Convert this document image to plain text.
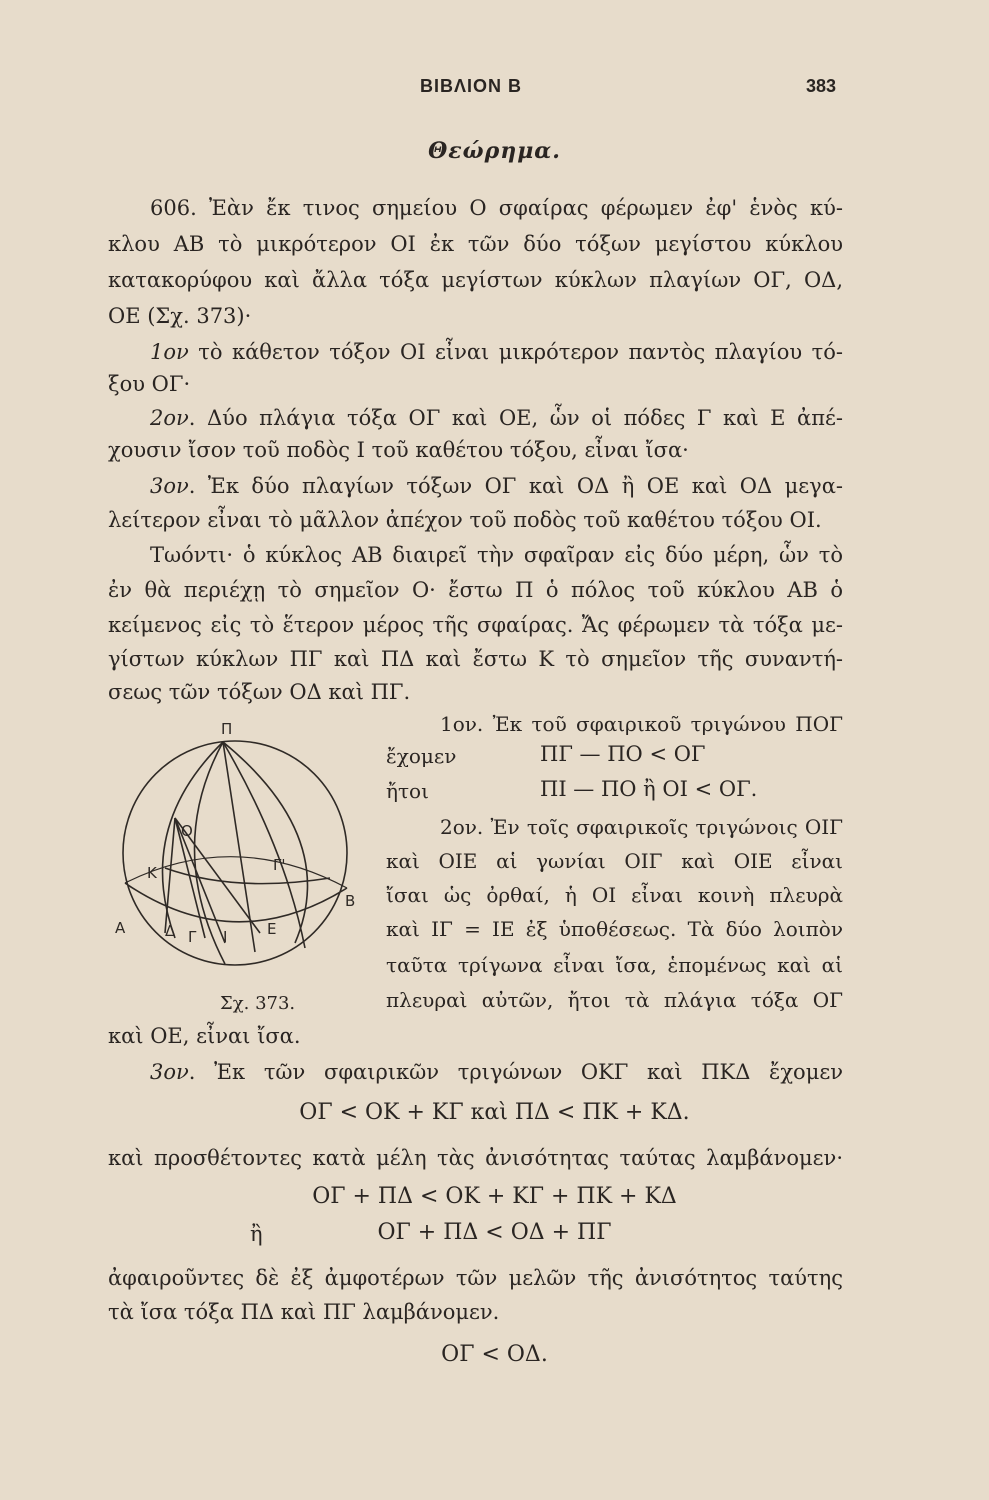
ΒΙΒΛΙΟΝ Β	383
Θεώρημα.
606. Ἐὰν ἔκ τινος σημείου Ο σφαίρας φέρωμεν ἐφ' ἑνὸς κύ-
κλου ΑΒ τὸ μικρότερον ΟΙ ἐκ τῶν δύο τόξων μεγίστου κύκλου
κατακορύφου καὶ ἄλλα τόξα μεγίστων κύκλων πλαγίων ΟΓ, ΟΔ,
ΟΕ (Σχ. 373)·
1ον τὸ κάθετον τόξον ΟΙ εἶναι μικρότερον παντὸς πλαγίου τό-
ξου ΟΓ·
2ον. Δύο πλάγια τόξα ΟΓ καὶ ΟΕ, ὧν οἱ πόδες Γ καὶ Ε ἀπέ-
χουσιν ἴσον τοῦ ποδὸς Ι τοῦ καθέτου τόξου, εἶναι ἴσα·
3ον. Ἐκ δύο πλαγίων τόξων ΟΓ καὶ ΟΔ ἢ ΟΕ καὶ ΟΔ μεγα-
λείτερον εἶναι τὸ μᾶλλον ἀπέχον τοῦ ποδὸς τοῦ καθέτου τόξου ΟΙ.
Τωόντι· ὁ κύκλος ΑΒ διαιρεῖ τὴν σφαῖραν εἰς δύο μέρη, ὧν τὸ
ἐν θὰ περιέχῃ τὸ σημεῖον Ο· ἔστω Π ὁ πόλος τοῦ κύκλου ΑΒ ὁ
κείμενος εἰς τὸ ἕτερον μέρος τῆς σφαίρας. Ἄς φέρωμεν τὰ τόξα με-
γίστων κύκλων ΠΓ καὶ ΠΔ καὶ ἔστω Κ τὸ σημεῖον τῆς συναντή-
σεως τῶν τόξων ΟΔ καὶ ΠΓ.
1ον. Ἐκ τοῦ σφαιρικοῦ τριγώνου ΠΟΓ
ἔχομεν	ΠΓ — ΠΟ < ΟΓ
ἤτοι	ΠΙ — ΠΟ ἢ ΟΙ < ΟΓ.
2ον. Ἐν τοῖς σφαιρικοῖς τριγώνοις ΟΙΓ
καὶ ΟΙΕ αἱ γωνίαι ΟΙΓ καὶ ΟΙΕ εἶναι
ἴσαι ὡς ὀρθαί, ἡ ΟΙ εἶναι κοινὴ πλευρὰ
καὶ ΙΓ = ΙΕ ἐξ ὑποθέσεως. Τὰ δύο λοιπὸν
ταῦτα τρίγωνα εἶναι ἴσα, ἑπομένως καὶ αἱ
πλευραὶ αὐτῶν, ἤτοι τὰ πλάγια τόξα ΟΓ
καὶ ΟΕ, εἶναι ἴσα.
Π
Ο
Γ'
Κ
Β
Α	Δ Γ Ι	Ε
Σχ. 373.
3ον. Ἐκ τῶν σφαιρικῶν τριγώνων ΟΚΓ καὶ ΠΚΔ ἔχομεν
ΟΓ < ΟΚ + ΚΓ καὶ ΠΔ < ΠΚ + ΚΔ.
καὶ προσθέτοντες κατὰ μέλη τὰς ἀνισότητας ταύτας λαμβάνομεν·
ΟΓ + ΠΔ < ΟΚ + ΚΓ + ΠΚ + ΚΔ
ἢ	ΟΓ + ΠΔ < ΟΔ + ΠΓ
ἀφαιροῦντες δὲ ἐξ ἀμφοτέρων τῶν μελῶν τῆς ἀνισότητος ταύτης
τὰ ἴσα τόξα ΠΔ καὶ ΠΓ λαμβάνομεν.
ΟΓ < ΟΔ.
